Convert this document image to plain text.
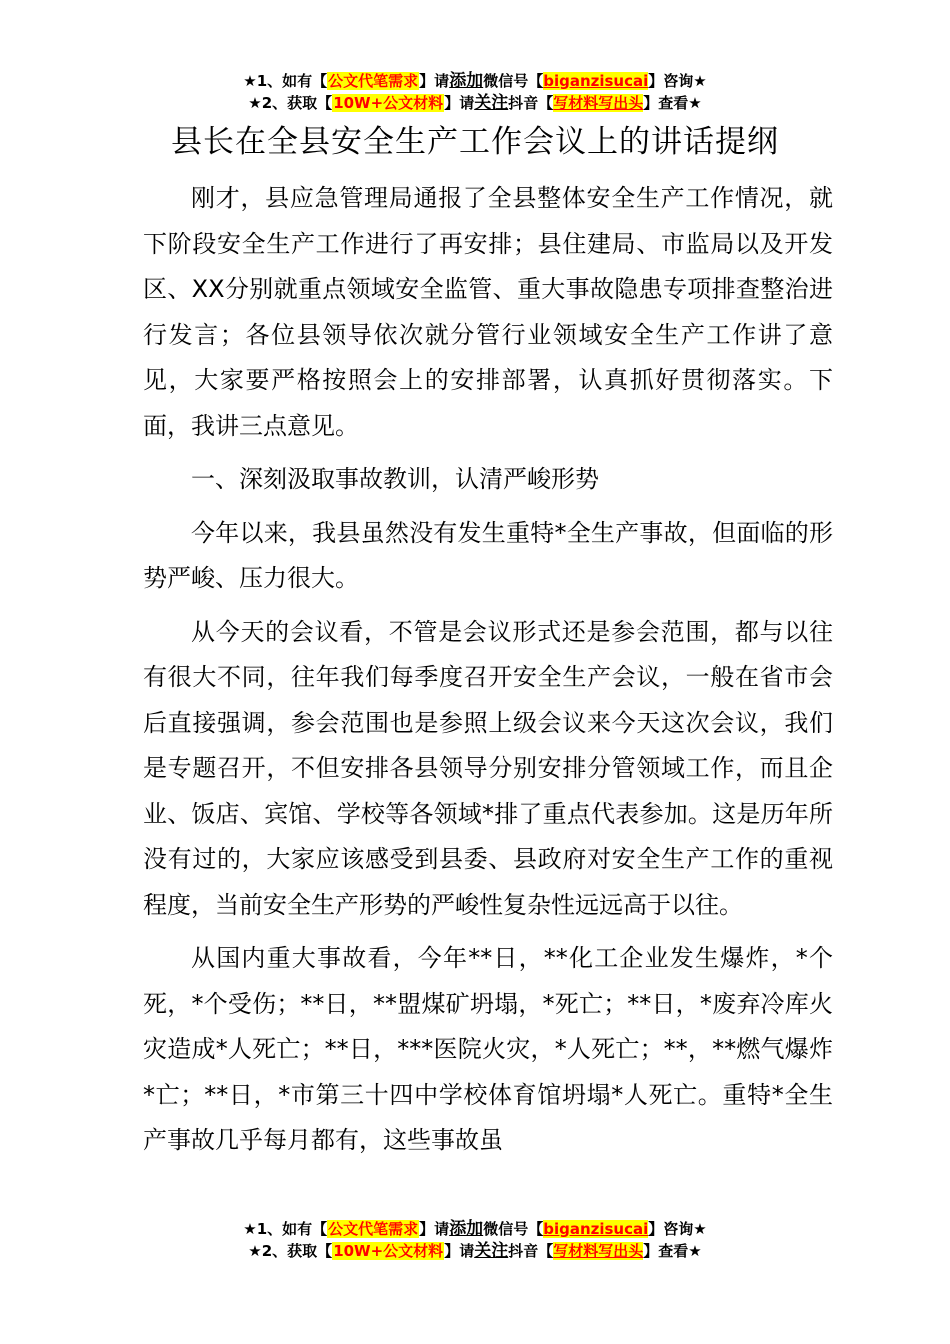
★1、如有【公文代笔需求】请添加微信号【biganzisucai】咨询★
★2、获取【10W+公文材料】请关注抖音【写材料写出头】查看★
县长在全县安全生产工作会议上的讲话提纲

刚才，县应急管理局通报了全县整体安全生产工作情况，就下阶段安全生产工作进行了再安排；县住建局、市监局以及开发区、XX分别就重点领域安全监管、重大事故隐患专项排查整治进行发言；各位县领导依次就分管行业领域安全生产工作讲了意见，大家要严格按照会上的安排部署，认真抓好贯彻落实。下面，我讲三点意见。

一、深刻汲取事故教训，认清严峻形势

今年以来，我县虽然没有发生重特*全生产事故，但面临的形势严峻、压力很大。

从今天的会议看，不管是会议形式还是参会范围，都与以往有很大不同，往年我们每季度召开安全生产会议，一般在省市会后直接强调，参会范围也是参照上级会议来今天这次会议，我们是专题召开，不但安排各县领导分别安排分管领域工作，而且企业、饭店、宾馆、学校等各领域*排了重点代表参加。这是历年所没有过的，大家应该感受到县委、县政府对安全生产工作的重视程度，当前安全生产形势的严峻性复杂性远远高于以往。

从国内重大事故看，今年**日，**化工企业发生爆炸，*个死，*个受伤；**日，**盟煤矿坍塌，*死亡；**日，*废弃冷库火灾造成*人死亡；**日，***医院火灾，*人死亡；**，**燃气爆炸*亡；**日，*市第三十四中学校体育馆坍塌*人死亡。重特*全生产事故几乎每月都有，这些事故虽

★1、如有【公文代笔需求】请添加微信号【biganzisucai】咨询★
★2、获取【10W+公文材料】请关注抖音【写材料写出头】查看★
